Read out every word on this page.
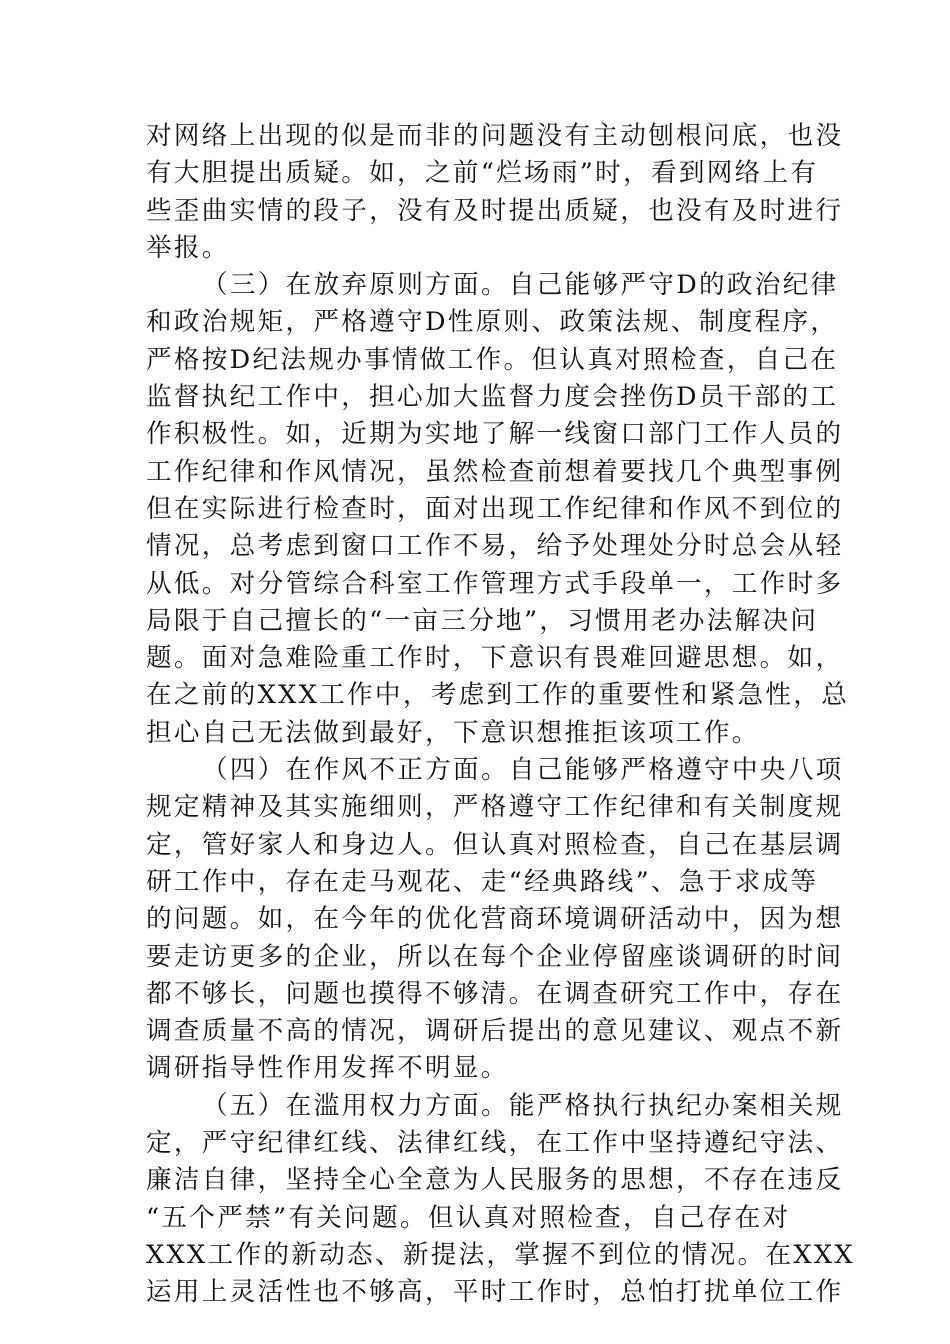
对网络上出现的似是而非的问题没有主动刨根问底，也没
有大胆提出质疑。如，之前“烂场雨”时，看到网络上有
些歪曲实情的段子，没有及时提出质疑，也没有及时进行
举报。
（三）在放弃原则方面。自己能够严守D的政治纪律
和政治规矩，严格遵守D性原则、政策法规、制度程序，
严格按D纪法规办事情做工作。但认真对照检查，自己在
监督执纪工作中，担心加大监督力度会挫伤D员干部的工
作积极性。如，近期为实地了解一线窗口部门工作人员的
工作纪律和作风情况，虽然检查前想着要找几个典型事例
但在实际进行检查时，面对出现工作纪律和作风不到位的
情况，总考虑到窗口工作不易，给予处理处分时总会从轻
从低。对分管综合科室工作管理方式手段单一，工作时多
局限于自己擅长的“一亩三分地”，习惯用老办法解决问
题。面对急难险重工作时，下意识有畏难回避思想。如，
在之前的XXX工作中，考虑到工作的重要性和紧急性，总
担心自己无法做到最好，下意识想推拒该项工作。
（四）在作风不正方面。自己能够严格遵守中央八项
规定精神及其实施细则，严格遵守工作纪律和有关制度规
定，管好家人和身边人。但认真对照检查，自己在基层调
研工作中，存在走马观花、走“经典路线”、急于求成等
的问题。如，在今年的优化营商环境调研活动中，因为想
要走访更多的企业，所以在每个企业停留座谈调研的时间
都不够长，问题也摸得不够清。在调查研究工作中，存在
调查质量不高的情况，调研后提出的意见建议、观点不新
调研指导性作用发挥不明显。
（五）在滥用权力方面。能严格执行执纪办案相关规
定，严守纪律红线、法律红线，在工作中坚持遵纪守法、
廉洁自律，坚持全心全意为人民服务的思想，不存在违反
“五个严禁”有关问题。但认真对照检查，自己存在对
XXX工作的新动态、新提法，掌握不到位的情况。在XXX
运用上灵活性也不够高，平时工作时，总怕打扰单位工作
